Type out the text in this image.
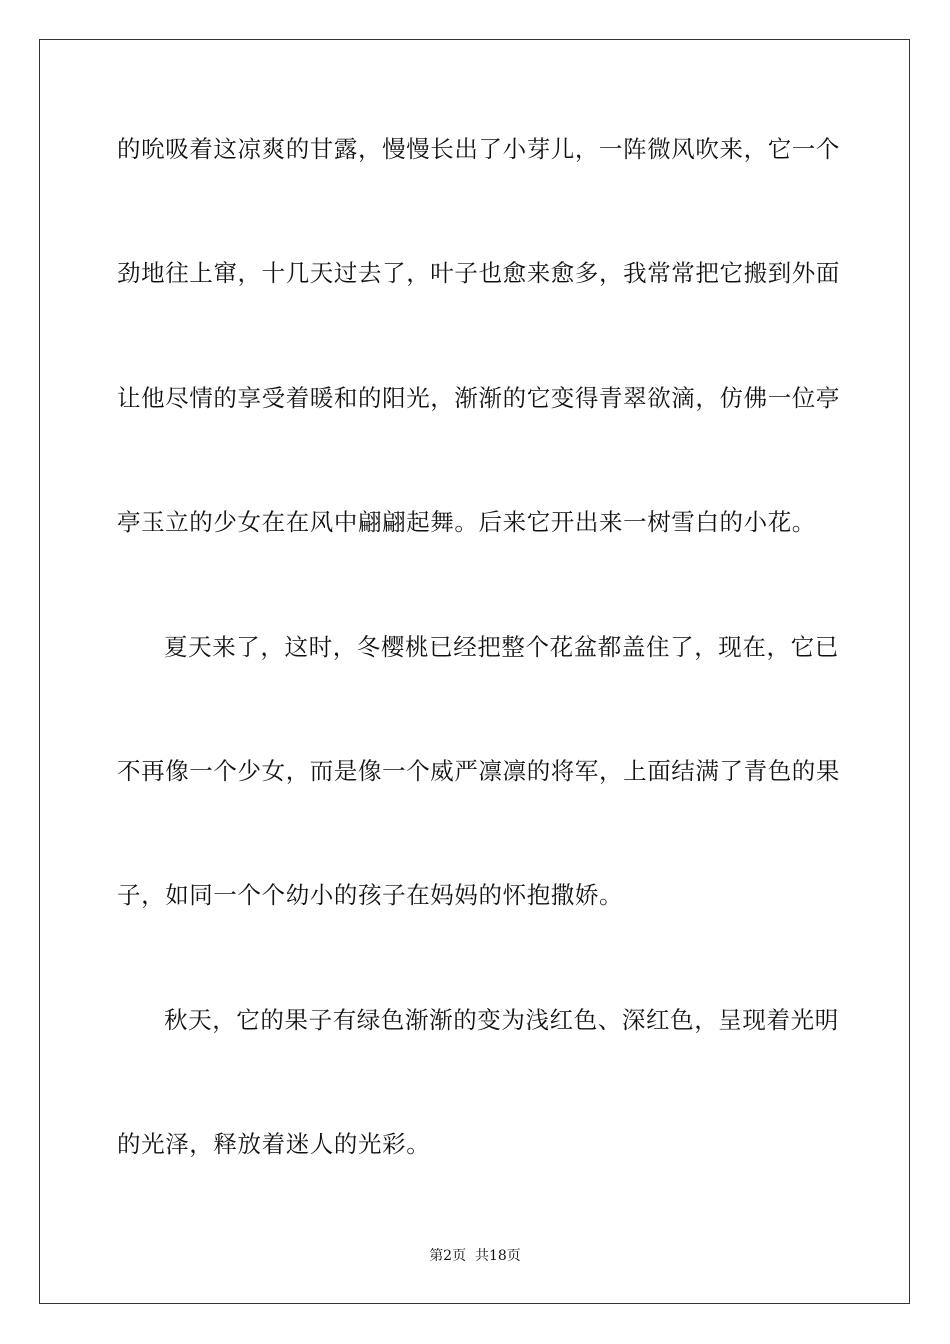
的吮吸着这凉爽的甘露，慢慢长出了小芽儿，一阵微风吹来，它一个
劲地往上窜，十几天过去了，叶子也愈来愈多，我常常把它搬到外面
让他尽情的享受着暖和的阳光，渐渐的它变得青翠欲滴，仿佛一位亭
亭玉立的少女在在风中翩翩起舞。后来它开出来一树雪白的小花。
夏天来了，这时，冬樱桃已经把整个花盆都盖住了，现在，它已
不再像一个少女，而是像一个威严凛凛的将军，上面结满了青色的果
子，如同一个个幼小的孩子在妈妈的怀抱撒娇。
秋天，它的果子有绿色渐渐的变为浅红色、深红色，呈现着光明
的光泽，释放着迷人的光彩。
第2页  共18页
